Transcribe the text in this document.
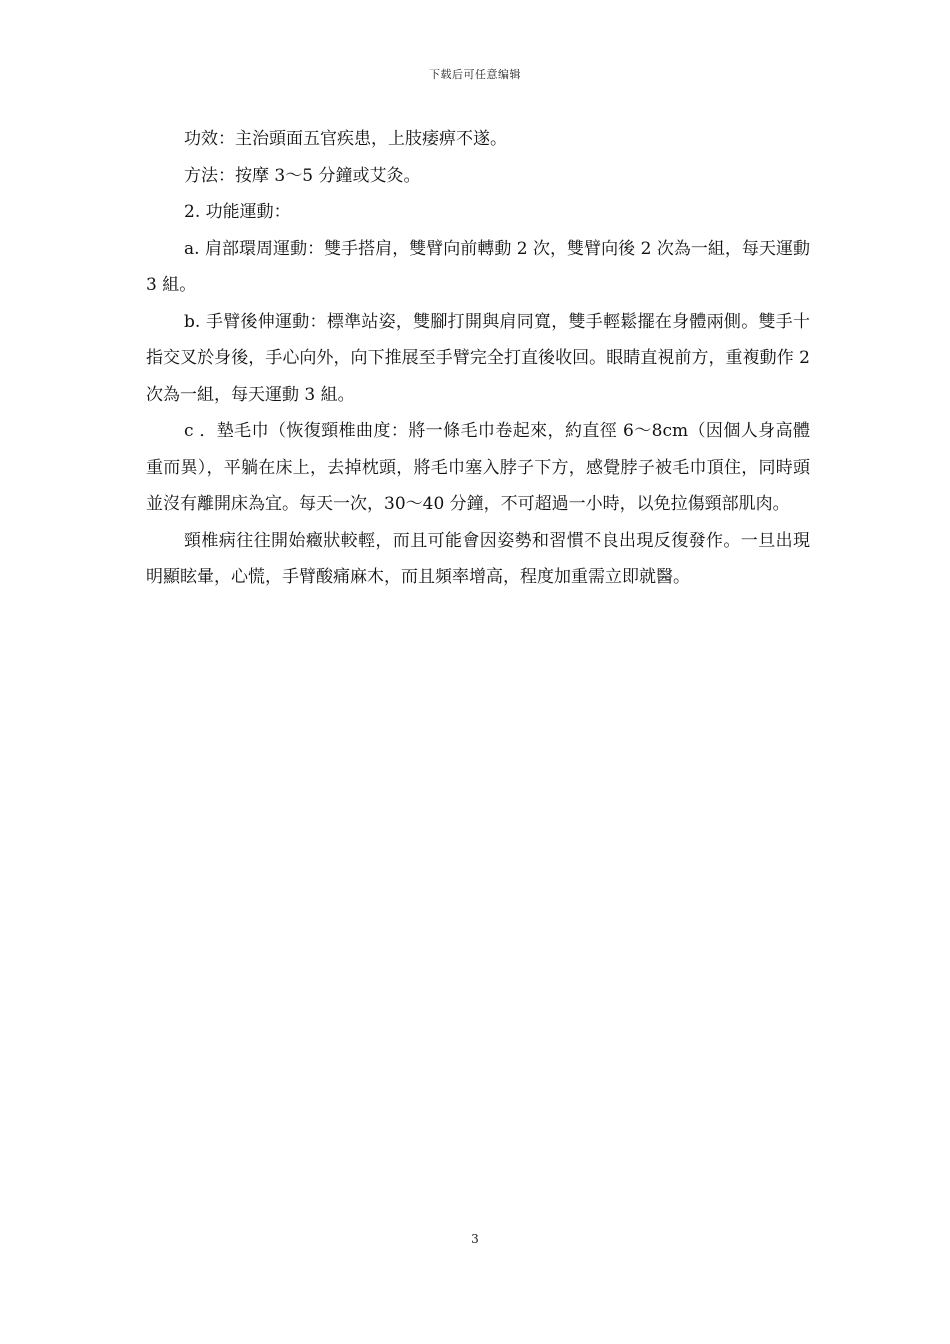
下载后可任意编辑

功效：主治頭面五官疾患，上肢痿痹不遂。

方法：按摩 3～5 分鐘或艾灸。

2. 功能運動：

a. 肩部環周運動：雙手搭肩，雙臂向前轉動 2 次，雙臂向後 2 次為一組，每天運動 3 組。

b. 手臂後伸運動：標準站姿，雙腳打開與肩同寬，雙手輕鬆擺在身體兩側。雙手十指交叉於身後，手心向外，向下推展至手臂完全打直後收回。眼睛直視前方，重複動作 2 次為一組，每天運動 3 組。

c ．墊毛巾（恢復頸椎曲度：將一條毛巾卷起來，約直徑 6～8cm（因個人身高體重而異），平躺在床上，去掉枕頭，將毛巾塞入脖子下方，感覺脖子被毛巾頂住，同時頭並沒有離開床為宜。每天一次，30～40 分鐘，不可超過一小時，以免拉傷頸部肌肉。

頸椎病往往開始癥狀較輕，而且可能會因姿勢和習慣不良出現反復發作。一旦出現明顯眩暈，心慌，手臂酸痛麻木，而且頻率增高，程度加重需立即就醫。

3
